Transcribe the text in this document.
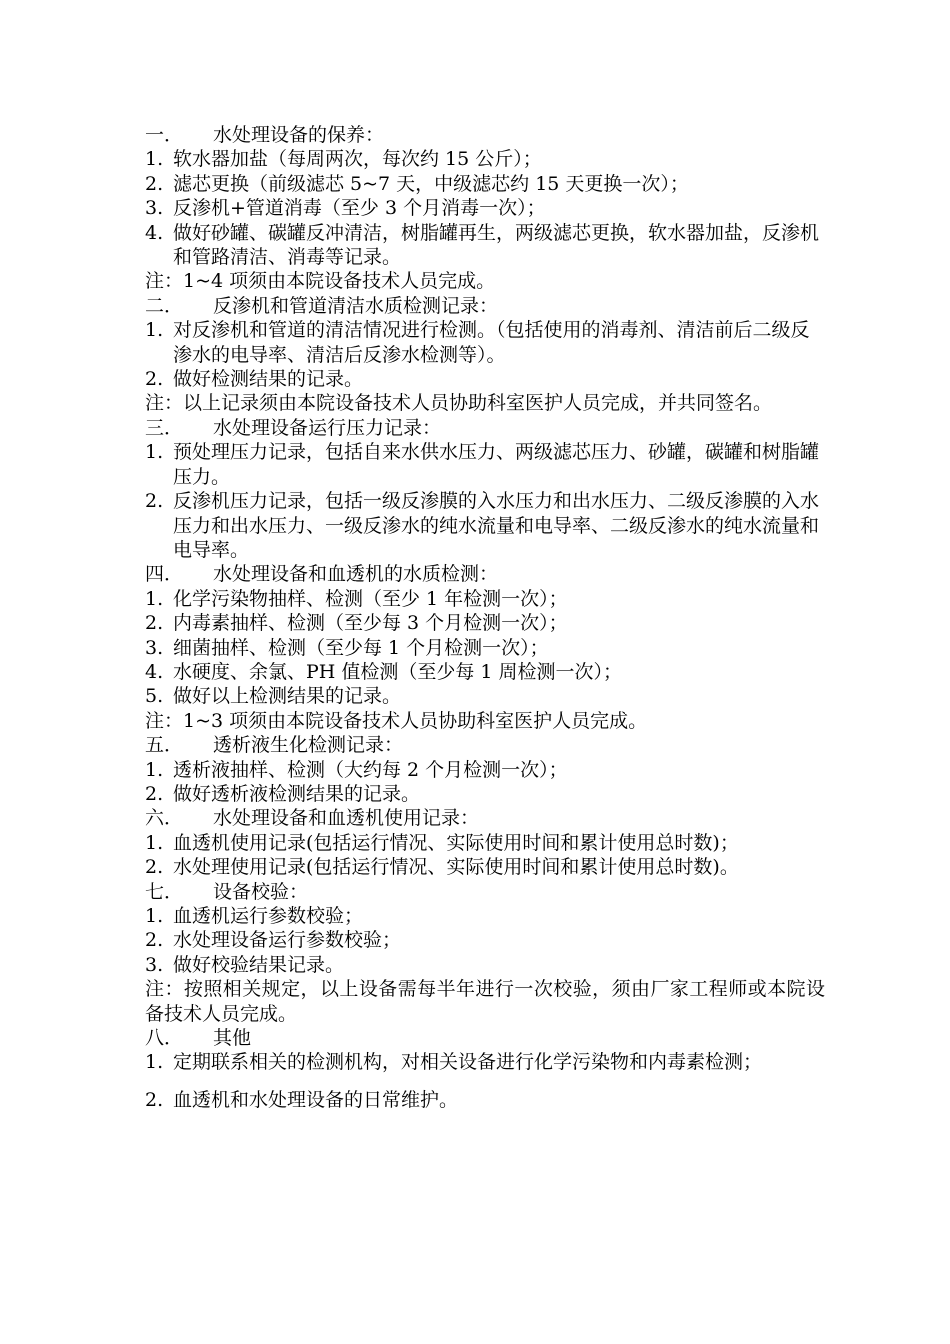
一．	水处理设备的保养：
1. 软水器加盐（每周两次，每次约 15 公斤）；
2. 滤芯更换（前级滤芯 5~7 天，中级滤芯约 15 天更换一次）；
3. 反渗机+管道消毒（至少 3 个月消毒一次）；
4. 做好砂罐、碳罐反冲清洁，树脂罐再生，两级滤芯更换，软水器加盐，反渗机和管路清洁、消毒等记录。
注：1~4 项须由本院设备技术人员完成。
二．	反渗机和管道清洁水质检测记录：
1. 对反渗机和管道的清洁情况进行检测。（包括使用的消毒剂、清洁前后二级反渗水的电导率、清洁后反渗水检测等）。
2. 做好检测结果的记录。
注：以上记录须由本院设备技术人员协助科室医护人员完成，并共同签名。
三．	水处理设备运行压力记录：
1. 预处理压力记录，包括自来水供水压力、两级滤芯压力、砂罐，碳罐和树脂罐压力。
2. 反渗机压力记录，包括一级反渗膜的入水压力和出水压力、二级反渗膜的入水压力和出水压力、一级反渗水的纯水流量和电导率、二级反渗水的纯水流量和电导率。
四．	水处理设备和血透机的水质检测：
1. 化学污染物抽样、检测（至少 1 年检测一次）；
2. 内毒素抽样、检测（至少每 3 个月检测一次）；
3. 细菌抽样、检测（至少每 1 个月检测一次）；
4. 水硬度、余氯、PH 值检测（至少每 1 周检测一次）；
5. 做好以上检测结果的记录。
注：1~3 项须由本院设备技术人员协助科室医护人员完成。
五．	透析液生化检测记录：
1. 透析液抽样、检测（大约每 2 个月检测一次）；
2. 做好透析液检测结果的记录。
六．	水处理设备和血透机使用记录：
1. 血透机使用记录(包括运行情况、实际使用时间和累计使用总时数)；
2. 水处理使用记录(包括运行情况、实际使用时间和累计使用总时数)。
七．	设备校验：
1. 血透机运行参数校验；
2. 水处理设备运行参数校验；
3. 做好校验结果记录。
注：按照相关规定，以上设备需每半年进行一次校验，须由厂家工程师或本院设备技术人员完成。
八．	其他
1. 定期联系相关的检测机构，对相关设备进行化学污染物和内毒素检测；
2. 血透机和水处理设备的日常维护。
